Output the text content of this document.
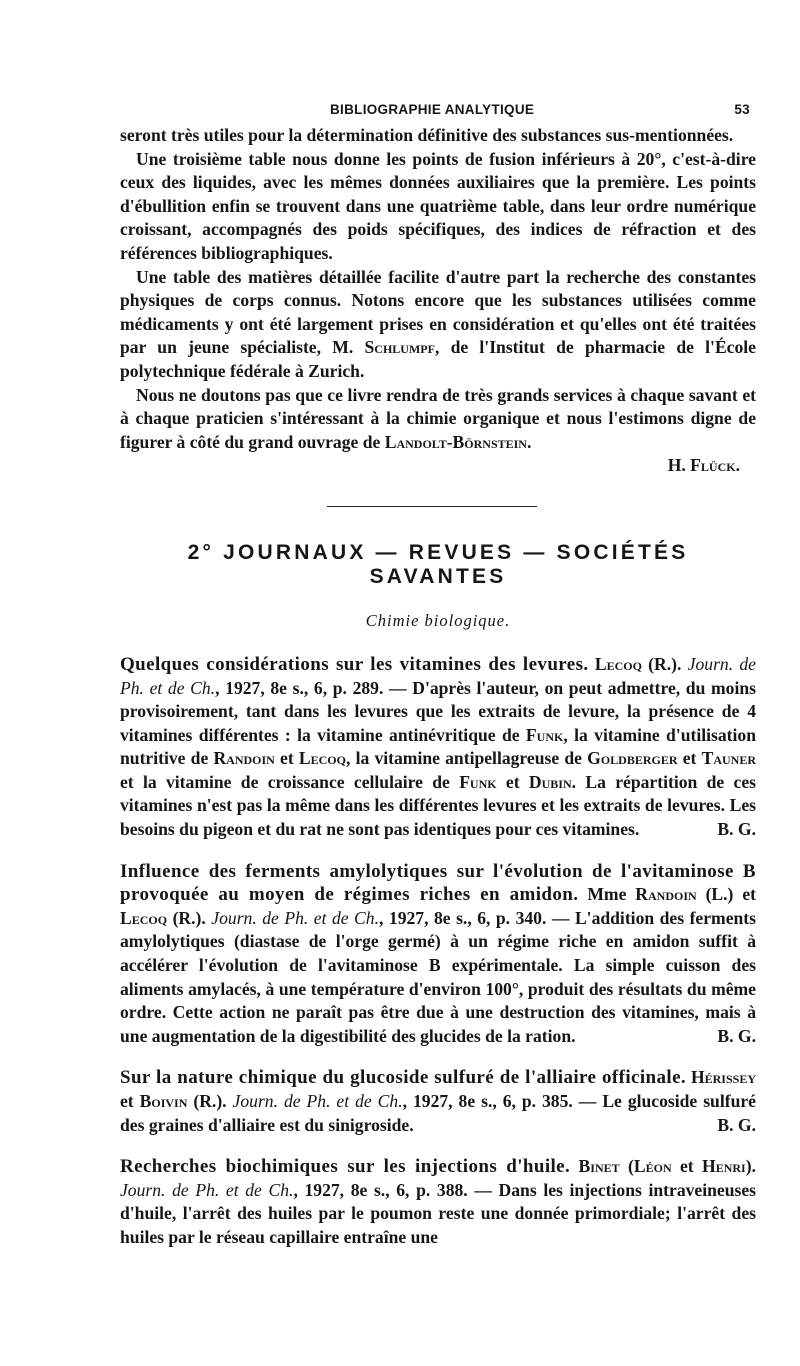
BIBLIOGRAPHIE ANALYTIQUE	53

seront très utiles pour la détermination définitive des substances sus-mentionnées.

Une troisième table nous donne les points de fusion inférieurs à 20°, c'est-à-dire ceux des liquides, avec les mêmes données auxiliaires que la première. Les points d'ébullition enfin se trouvent dans une quatrième table, dans leur ordre numérique croissant, accompagnés des poids spécifiques, des indices de réfraction et des références bibliographiques.

Une table des matières détaillée facilite d'autre part la recherche des constantes physiques de corps connus. Notons encore que les substances utilisées comme médicaments y ont été largement prises en considération et qu'elles ont été traitées par un jeune spécialiste, M. Schlumpf, de l'Institut de pharmacie de l'École polytechnique fédérale à Zurich.

Nous ne doutons pas que ce livre rendra de très grands services à chaque savant et à chaque praticien s'intéressant à la chimie organique et nous l'estimons digne de figurer à côté du grand ouvrage de Landolt-Börnstein.

H. Flück.

2° JOURNAUX — REVUES — SOCIÉTÉS SAVANTES
Chimie biologique.

Quelques considérations sur les vitamines des levures. Lecoq (R.). Journ. de Ph. et de Ch., 1927, 8e s., 6, p. 289. — D'après l'auteur, on peut admettre, du moins provisoirement, tant dans les levures que les extraits de levure, la présence de 4 vitamines différentes : la vitamine antinévritique de Funk, la vitamine d'utilisation nutritive de Randoin et Lecoq, la vitamine antipellagreuse de Goldberger et Tauner et la vitamine de croissance cellulaire de Funk et Dubin. La répartition de ces vitamines n'est pas la même dans les différentes levures et les extraits de levures. Les besoins du pigeon et du rat ne sont pas identiques pour ces vitamines.	B. G.

Influence des ferments amylolytiques sur l'évolution de l'avitaminose B provoquée au moyen de régimes riches en amidon. Mme Randoin (L.) et Lecoq (R.). Journ. de Ph. et de Ch., 1927, 8e s., 6, p. 340. — L'addition des ferments amylolytiques (diastase de l'orge germé) à un régime riche en amidon suffit à accélérer l'évolution de l'avitaminose B expérimentale. La simple cuisson des aliments amylacés, à une température d'environ 100°, produit des résultats du même ordre. Cette action ne paraît pas être due à une destruction des vitamines, mais à une augmentation de la digestibilité des glucides de la ration.	B. G.

Sur la nature chimique du glucoside sulfuré de l'alliaire officinale. Hérissey et Boivin (R.). Journ. de Ph. et de Ch., 1927, 8e s., 6, p. 385. — Le glucoside sulfuré des graines d'alliaire est du sinigroside.	B. G.

Recherches biochimiques sur les injections d'huile. Binet (Léon et Henri). Journ. de Ph. et de Ch., 1927, 8e s., 6, p. 388. — Dans les injections intraveineuses d'huile, l'arrêt des huiles par le poumon reste une donnée primordiale; l'arrêt des huiles par le réseau capillaire entraîne une
